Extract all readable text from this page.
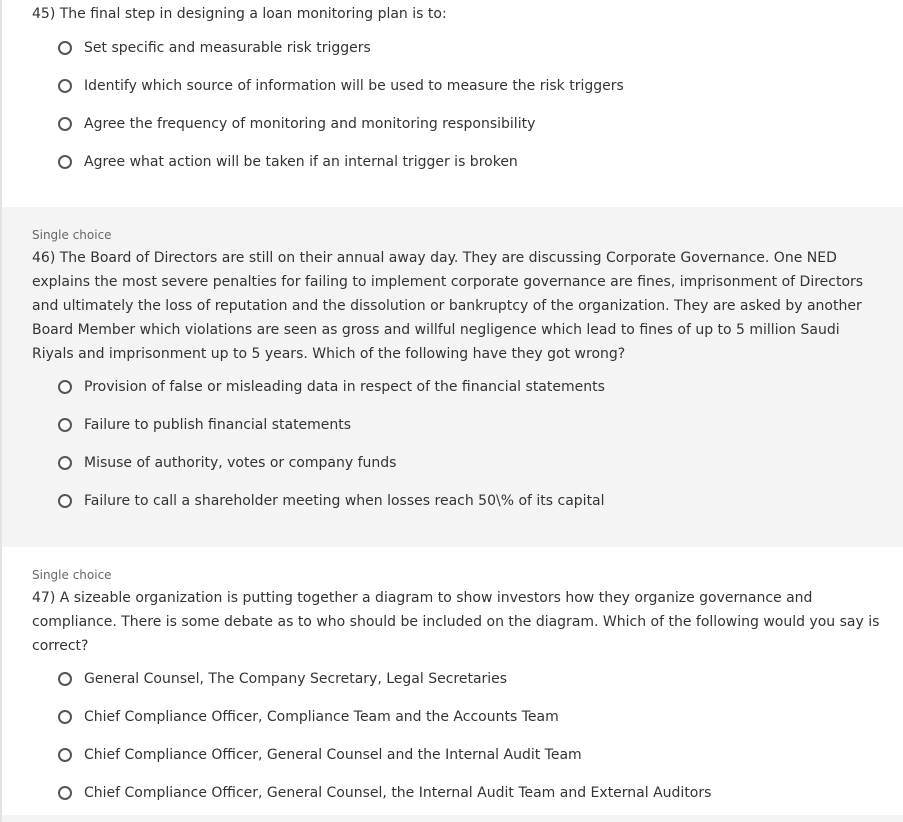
45) The final step in designing a loan monitoring plan is to:

Set specific and measurable risk triggers
Identify which source of information will be used to measure the risk triggers
Agree the frequency of monitoring and monitoring responsibility
Agree what action will be taken if an internal trigger is broken
Single choice

46) The Board of Directors are still on their annual away day. They are discussing Corporate Governance. One NED explains the most severe penalties for failing to implement corporate governance are fines, imprisonment of Directors and ultimately the loss of reputation and the dissolution or bankruptcy of the organization. They are asked by another Board Member which violations are seen as gross and willful negligence which lead to fines of up to 5 million Saudi Riyals and imprisonment up to 5 years. Which of the following have they got wrong?

Provision of false or misleading data in respect of the financial statements
Failure to publish financial statements
Misuse of authority, votes or company funds
Failure to call a shareholder meeting when losses reach 50\% of its capital
Single choice

47) A sizeable organization is putting together a diagram to show investors how they organize governance and compliance. There is some debate as to who should be included on the diagram. Which of the following would you say is correct?

General Counsel, The Company Secretary, Legal Secretaries
Chief Compliance Officer, Compliance Team and the Accounts Team
Chief Compliance Officer, General Counsel and the Internal Audit Team
Chief Compliance Officer, General Counsel, the Internal Audit Team and External Auditors
